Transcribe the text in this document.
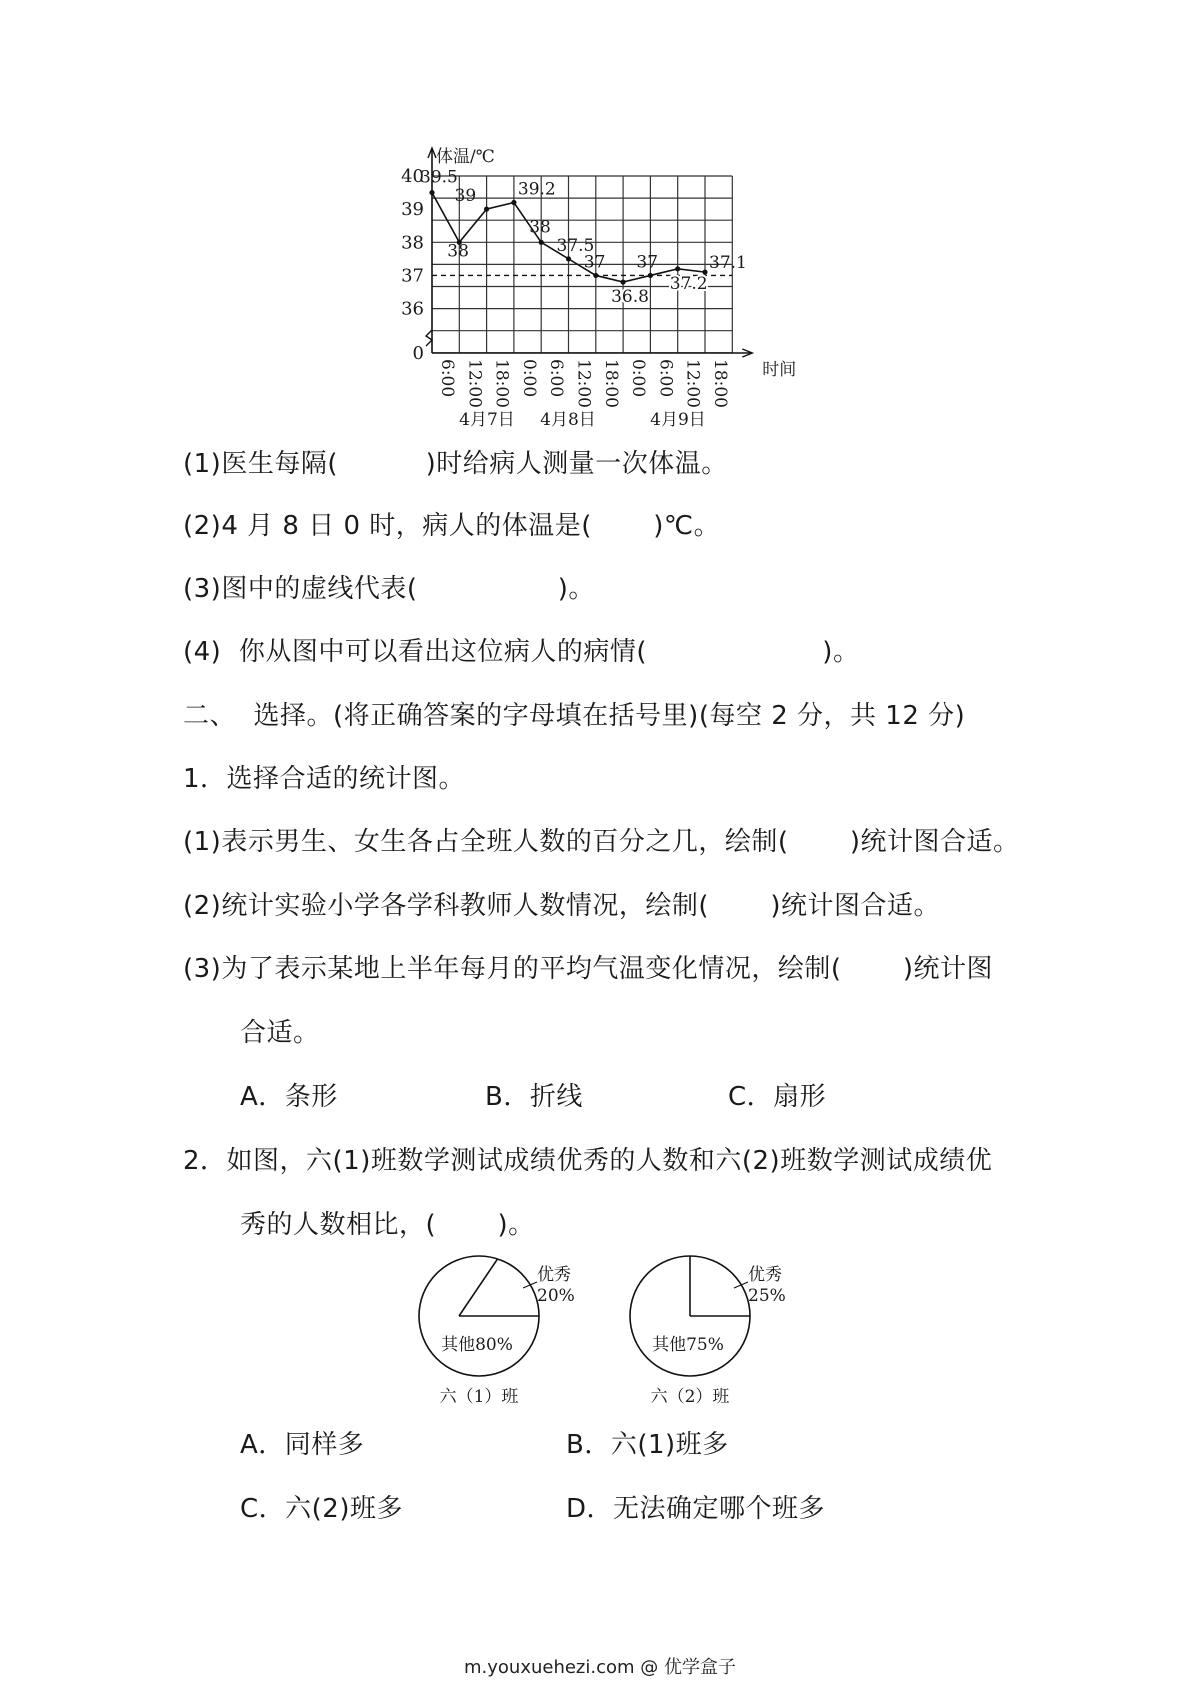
体温/℃
时间
40
39
38
37
36
0
6:00 12:00 18:00 0:00 6:00 12:00 18:00 0:00 6:00 12:00 18:00
4月7日 4月8日	4月9日
39.5
38
39 39.2
38
37.5
37
36.8
37
37.2
37.1
(1)医生每隔(          )时给病人测量一次体温。
(2)4 月 8 日 0 时，病人的体温是(       )℃。
(3)图中的虚线代表(                )。
(4)  你从图中可以看出这位病人的病情(                    )。
二、  选择。(将正确答案的字母填在括号里)(每空 2 分，共 12 分)
1．选择合适的统计图。
(1)表示男生、女生各占全班人数的百分之几，绘制(       )统计图合适。
(2)统计实验小学各学科教师人数情况，绘制(       )统计图合适。
(3)为了表示某地上半年每月的平均气温变化情况，绘制(       )统计图
合适。
A．条形	B．折线	C．扇形
2．如图，六(1)班数学测试成绩优秀的人数和六(2)班数学测试成绩优
秀的人数相比，(       )。
优秀
20%
其他80%
六（1）班
优秀
25%
其他75%
六（2）班
A．同样多	B．六(1)班多
C．六(2)班多	D．无法确定哪个班多
m.youxuehezi.com @ 优学盒子
